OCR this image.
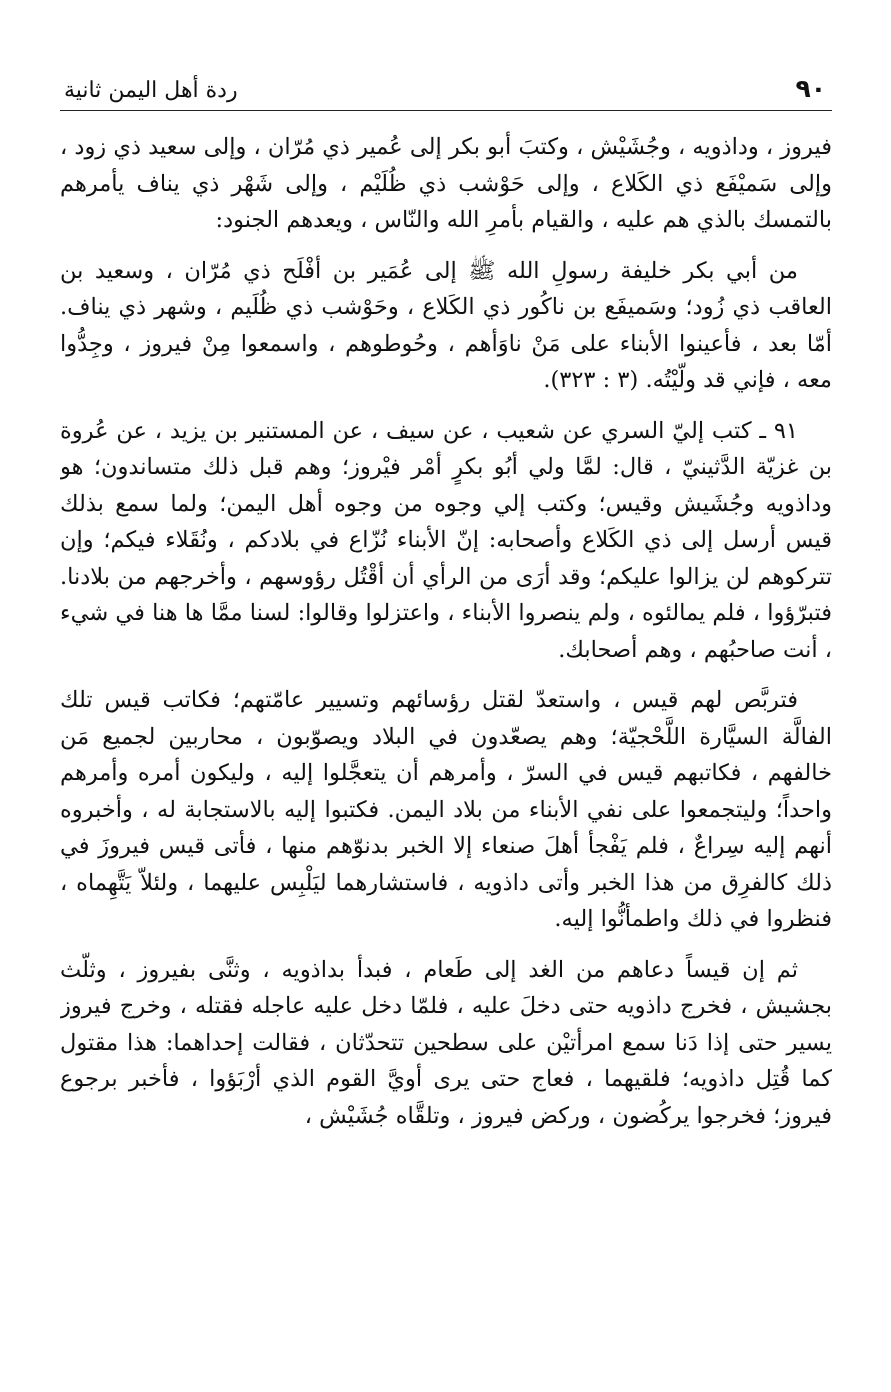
٩٠
ردة أهل اليمن ثانية

فيروز ، وداذويه ، وجُشَيْش ، وكتبَ أبو بكر إلى عُمير ذي مُرّان ، وإلى سعيد ذي زود ، وإلى سَميْفَع ذي الكَلاع ، وإلى حَوْشب ذي ظُلَيْم ، وإلى شَهْر ذي يناف يأمرهم بالتمسك بالذي هم عليه ، والقيام بأمرِ الله والنّاس ، ويعدهم الجنود:

من أبي بكر خليفة رسولِ الله ﷺ إلى عُمَير بن أفْلَح ذي مُرّان ، وسعيد بن العاقب ذي زُود؛ وسَميفَع بن ناكُور ذي الكَلاع ، وحَوْشب ذي ظُلَيم ، وشهر ذي يناف. أمّا بعد ، فأعينوا الأبناء على مَنْ ناوَأهم ، وحُوطوهم ، واسمعوا مِنْ فيروز ، وجِدُّوا معه ، فإني قد ولّيْتُه. (٣ : ٣٢٣).

٩١ ـ كتب إليّ السري عن شعيب ، عن سيف ، عن المستنير بن يزيد ، عن عُروة بن غزيّة الدَّثينيّ ، قال: لمَّا ولي أبُو بكرٍ أمْر فيْروز؛ وهم قبل ذلك متساندون؛ هو وداذويه وجُشَيش وقيس؛ وكتب إلي وجوه من وجوه أهل اليمن؛ ولما سمع بذلك قيس أرسل إلى ذي الكَلاع وأصحابه: إنّ الأبناء نُزّاع في بلادكم ، ونُقَلاء فيكم؛ وإن تتركوهم لن يزالوا عليكم؛ وقد أرَى من الرأي أن أقْتُل رؤوسهم ، وأخرجهم من بلادنا. فتبرّؤوا ، فلم يمالئوه ، ولم ينصروا الأبناء ، واعتزلوا وقالوا: لسنا ممَّا ها هنا في شيء ، أنت صاحبُهم ، وهم أصحابك.

فتربَّص لهم قيس ، واستعدّ لقتل رؤسائهم وتسيير عامّتهم؛ فكاتب قيس تلك الفالَّة السيَّارة اللَّحْجيّة؛ وهم يصعّدون في البلاد ويصوّبون ، محاربين لجميع مَن خالفهم ، فكاتبهم قيس في السرّ ، وأمرهم أن يتعجَّلوا إليه ، وليكون أمره وأمرهم واحداً؛ وليتجمعوا على نفي الأبناء من بلاد اليمن. فكتبوا إليه بالاستجابة له ، وأخبروه أنهم إليه سِراعٌ ، فلم يَفْجأ أهلَ صنعاء إلا الخبر بدنوّهم منها ، فأتى قيس فيروزَ في ذلك كالفرِق من هذا الخبر وأتى داذويه ، فاستشارهما ليَلْبِس عليهما ، ولئلاّ يَتَّهِماه ، فنظروا في ذلك واطمأنُّوا إليه.

ثم إن قيساً دعاهم من الغد إلى طَعام ، فبدأ بداذويه ، وثنَّى بفيروز ، وثلّث بجشيش ، فخرج داذويه حتى دخلَ عليه ، فلمّا دخل عليه عاجله فقتله ، وخرج فيروز يسير حتى إذا دَنا سمع امرأتيْن على سطحين تتحدّثان ، فقالت إحداهما: هذا مقتول كما قُتِل داذويه؛ فلقيهما ، فعاج حتى يرى أويَّ القوم الذي أرْبَؤوا ، فأخبر برجوع فيروز؛ فخرجوا يركُضون ، وركض فيروز ، وتلقَّاه جُشَيْش ،
